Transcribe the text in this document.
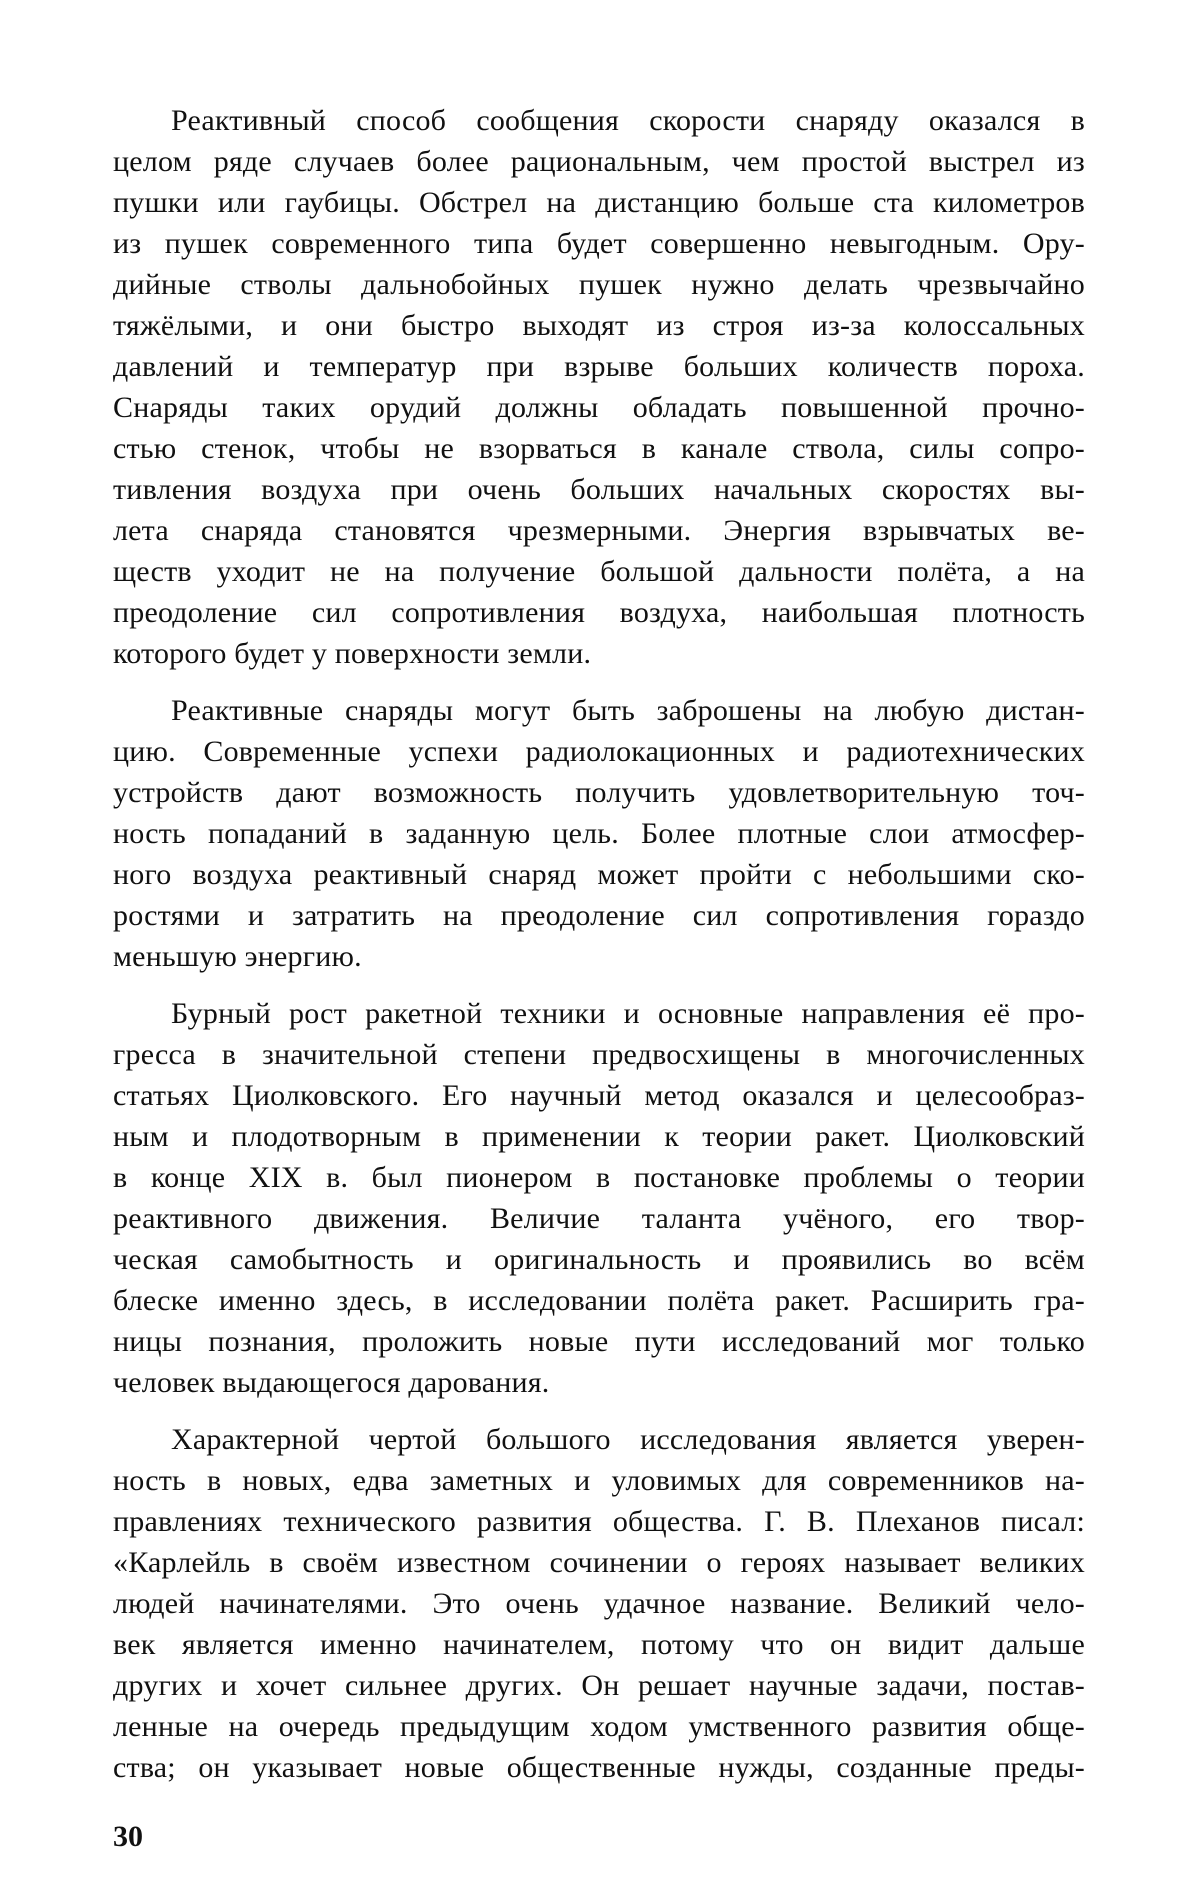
Реактивный способ сообщения скорости снаряду оказался в
целом ряде случаев более рациональным, чем простой выстрел из
пушки или гаубицы. Обстрел на дистанцию больше ста километров
из пушек современного типа будет совершенно невыгодным. Ору-
дийные стволы дальнобойных пушек нужно делать чрезвычайно
тяжёлыми, и они быстро выходят из строя из-за колоссальных
давлений и температур при взрыве больших количеств пороха.
Снаряды таких орудий должны обладать повышенной прочно-
стью стенок, чтобы не взорваться в канале ствола, силы сопро-
тивления воздуха при очень больших начальных скоростях вы-
лета снаряда становятся чрезмерными. Энергия взрывчатых ве-
ществ уходит не на получение большой дальности полёта, а на
преодоление сил сопротивления воздуха, наибольшая плотность
которого будет у поверхности земли.
Реактивные снаряды могут быть заброшены на любую дистан-
цию. Современные успехи радиолокационных и радиотехнических
устройств дают возможность получить удовлетворительную точ-
ность попаданий в заданную цель. Более плотные слои атмосфер-
ного воздуха реактивный снаряд может пройти с небольшими ско-
ростями и затратить на преодоление сил сопротивления гораздо
меньшую энергию.
Бурный рост ракетной техники и основные направления её про-
гресса в значительной степени предвосхищены в многочисленных
статьях Циолковского. Его научный метод оказался и целесообраз-
ным и плодотворным в применении к теории ракет. Циолковский
в конце XIX в. был пионером в постановке проблемы о теории
реактивного движения. Величие таланта учёного, его твор-
ческая самобытность и оригинальность и проявились во всём
блеске именно здесь, в исследовании полёта ракет. Расширить гра-
ницы познания, проложить новые пути исследований мог только
человек выдающегося дарования.
Характерной чертой большого исследования является уверен-
ность в новых, едва заметных и уловимых для современников на-
правлениях технического развития общества. Г. В. Плеханов писал:
«Карлейль в своём известном сочинении о героях называет великих
людей начинателями. Это очень удачное название. Великий чело-
век является именно начинателем, потому что он видит дальше
других и хочет сильнее других. Он решает научные задачи, постав-
ленные на очередь предыдущим ходом умственного развития обще-
ства; он указывает новые общественные нужды, созданные преды-
30
